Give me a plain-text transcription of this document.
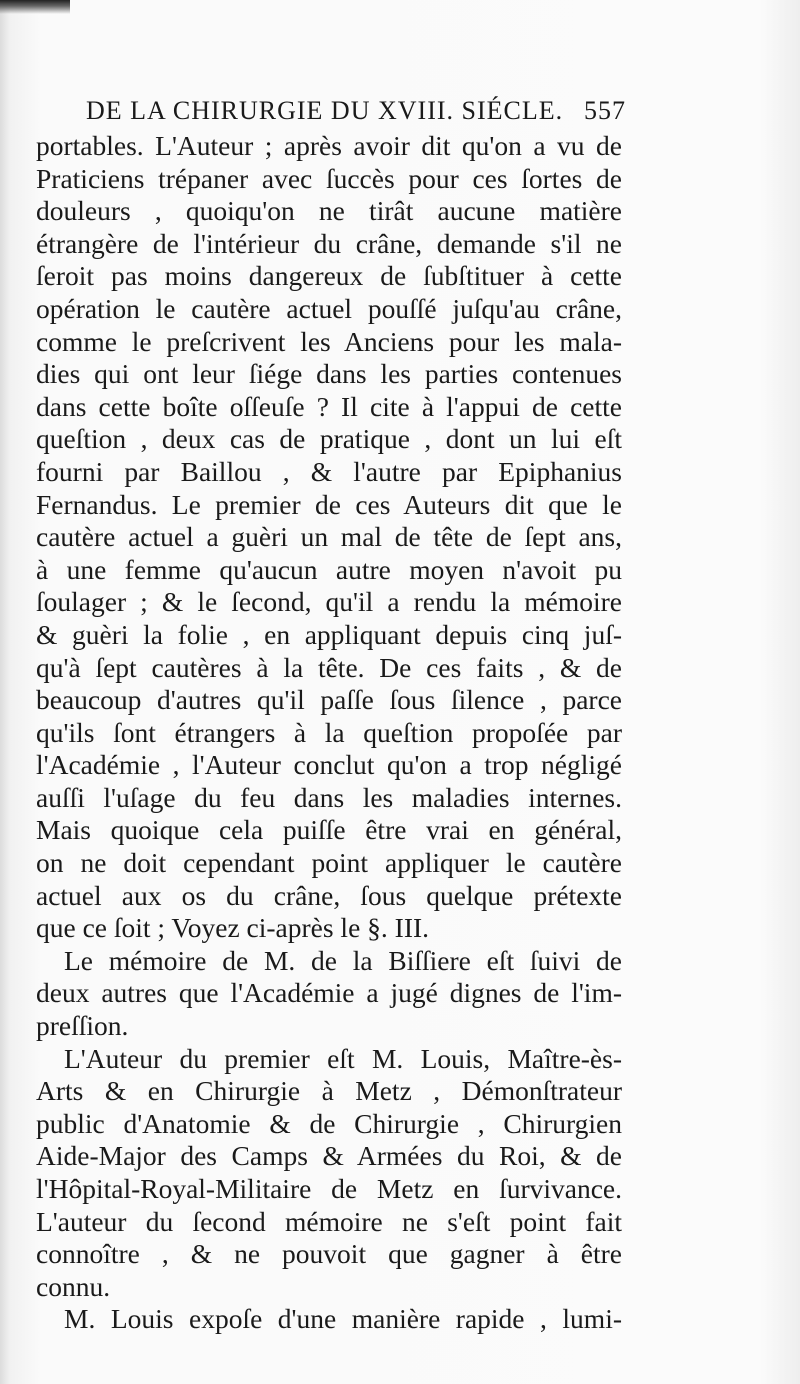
DE LA CHIRURGIE DU XVIII. SIÉCLE. 557
portables. L'Auteur ; après avoir dit qu'on a vu de
Praticiens trépaner avec ſuccès pour ces ſortes de
douleurs , quoiqu'on ne tirât aucune matière
étrangère de l'intérieur du crâne, demande s'il ne
ſeroit pas moins dangereux de ſubſtituer à cette
opération le cautère actuel pouſſé juſqu'au crâne,
comme le preſcrivent les Anciens pour les mala-
dies qui ont leur ſiége dans les parties contenues
dans cette boîte oſſeuſe ? Il cite à l'appui de cette
queſtion , deux cas de pratique , dont un lui eſt
fourni par Baillou , & l'autre par Epiphanius
Fernandus. Le premier de ces Auteurs dit que le
cautère actuel a guèri un mal de tête de ſept ans,
à une femme qu'aucun autre moyen n'avoit pu
ſoulager ; & le ſecond, qu'il a rendu la mémoire
& guèri la folie , en appliquant depuis cinq juſ-
qu'à ſept cautères à la tête. De ces faits , & de
beaucoup d'autres qu'il paſſe ſous ſilence , parce
qu'ils ſont étrangers à la queſtion propoſée par
l'Académie , l'Auteur conclut qu'on a trop négligé
auſſi l'uſage du feu dans les maladies internes.
Mais quoique cela puiſſe être vrai en général,
on ne doit cependant point appliquer le cautère
actuel aux os du crâne, ſous quelque prétexte
que ce ſoit ; Voyez ci-après le §. III.
Le mémoire de M. de la Biſſiere eſt ſuivi de
deux autres que l'Académie a jugé dignes de l'im-
preſſion.
L'Auteur du premier eſt M. Louis, Maître-ès-
Arts & en Chirurgie à Metz , Démonſtrateur
public d'Anatomie & de Chirurgie , Chirurgien
Aide-Major des Camps & Armées du Roi, & de
l'Hôpital-Royal-Militaire de Metz en ſurvivance.
L'auteur du ſecond mémoire ne s'eſt point fait
connoître , & ne pouvoit que gagner à être
connu.
M. Louis expoſe d'une manière rapide , lumi-
